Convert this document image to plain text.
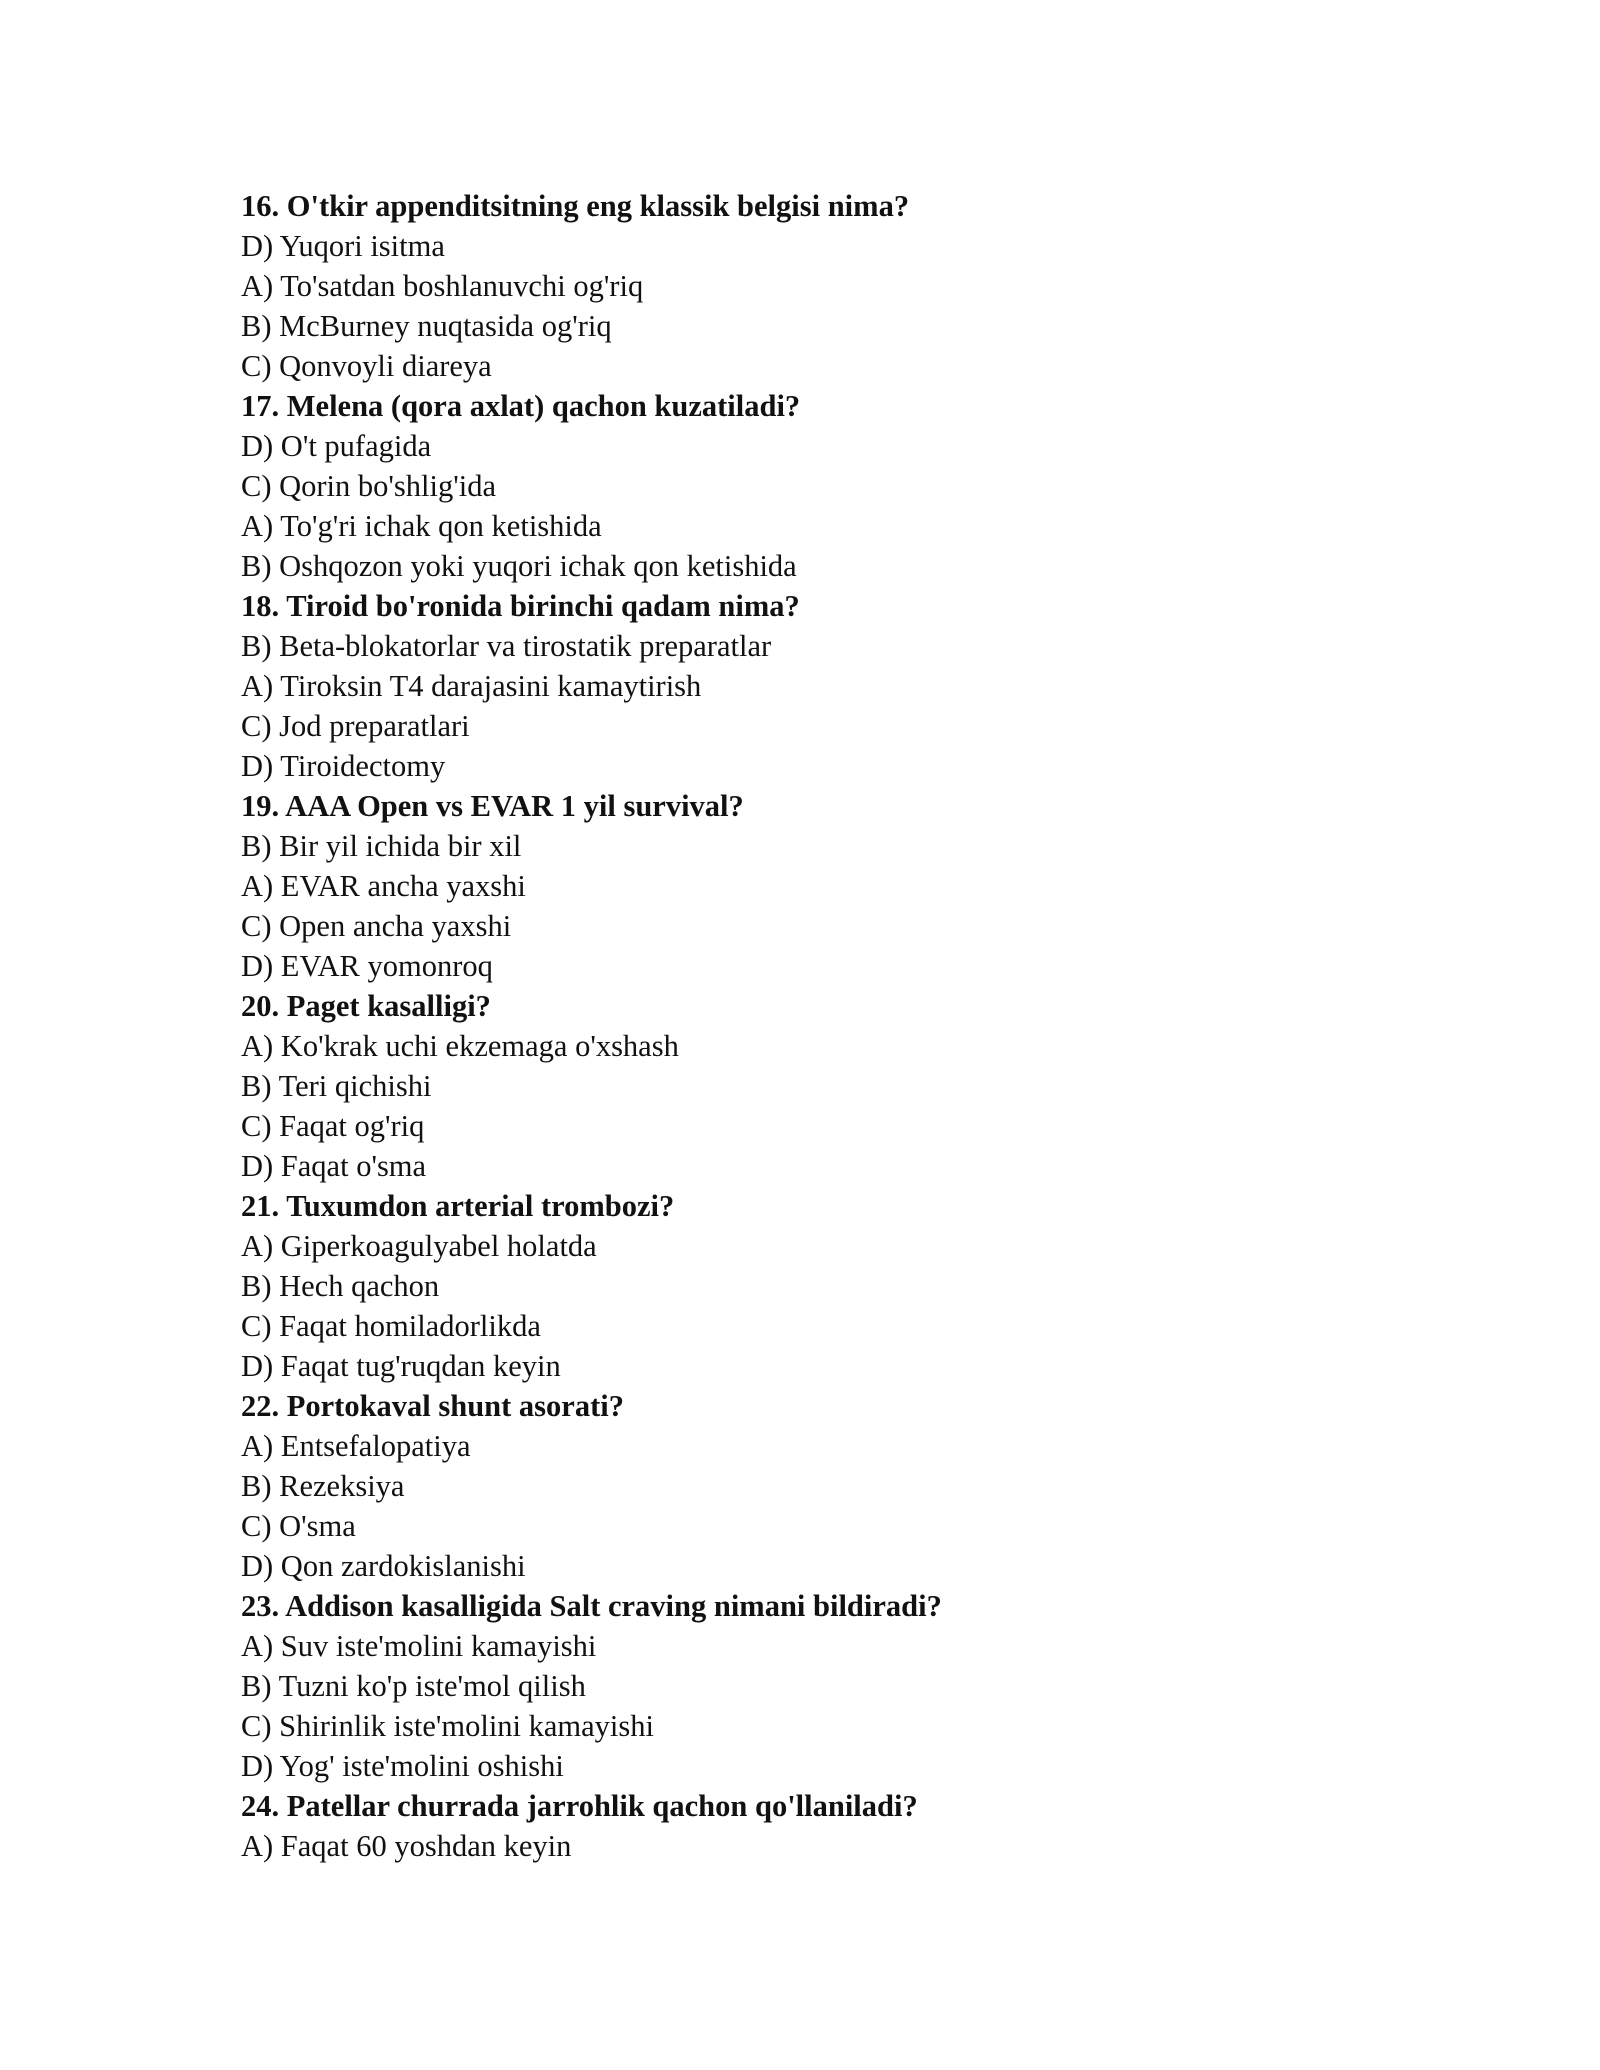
16. O'tkir appenditsitning eng klassik belgisi nima?
D) Yuqori isitma
A) To'satdan boshlanuvchi og'riq
B) McBurney nuqtasida og'riq
C) Qonvoyli diareya
17. Melena (qora axlat) qachon kuzatiladi?
D) O't pufagida
C) Qorin bo'shlig'ida
A) To'g'ri ichak qon ketishida
B) Oshqozon yoki yuqori ichak qon ketishida
18. Tiroid bo'ronida birinchi qadam nima?
B) Beta-blokatorlar va tirostatik preparatlar
A) Tiroksin T4 darajasini kamaytirish
C) Jod preparatlari
D) Tiroidectomy
19. AAA Open vs EVAR 1 yil survival?
B) Bir yil ichida bir xil
A) EVAR ancha yaxshi
C) Open ancha yaxshi
D) EVAR yomonroq
20. Paget kasalligi?
A) Ko'krak uchi ekzemaga o'xshash
B) Teri qichishi
C) Faqat og'riq
D) Faqat o'sma
21. Tuxumdon arterial trombozi?
A) Giperkoagulyabel holatda
B) Hech qachon
C) Faqat homiladorlikda
D) Faqat tug'ruqdan keyin
22. Portokaval shunt asorati?
A) Entsefalopatiya
B) Rezeksiya
C) O'sma
D) Qon zardokislanishi
23. Addison kasalligida Salt craving nimani bildiradi?
A) Suv iste'molini kamayishi
B) Tuzni ko'p iste'mol qilish
C) Shirinlik iste'molini kamayishi
D) Yog' iste'molini oshishi
24. Patellar churrada jarrohlik qachon qo'llaniladi?
A) Faqat 60 yoshdan keyin
